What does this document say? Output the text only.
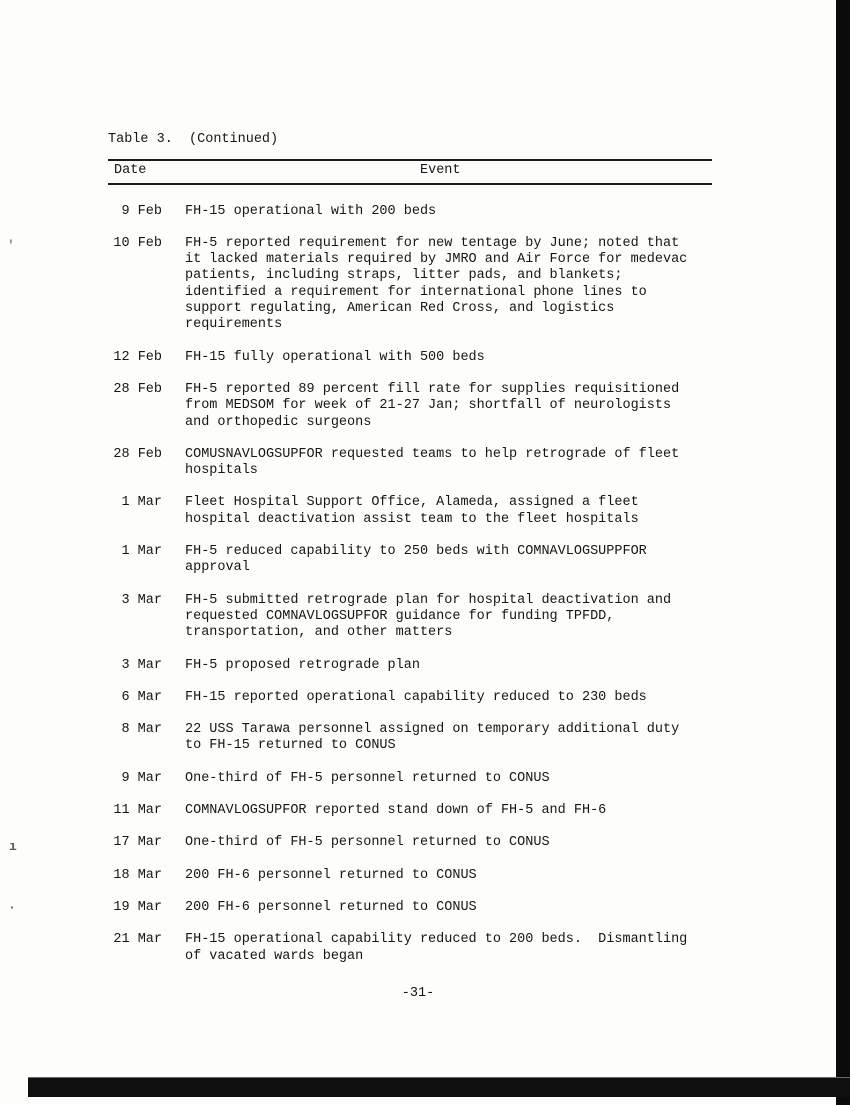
'
ı
·
Table 3.  (Continued)
Date	Event
9 Feb FH-15 operational with 200 beds
10 Feb FH-5 reported requirement for new tentage by June; noted that it lacked materials required by JMRO and Air Force for medevac patients, including straps, litter pads, and blankets; identified a requirement for international phone lines to support regulating, American Red Cross, and logistics requirements
12 Feb FH-15 fully operational with 500 beds
28 Feb FH-5 reported 89 percent fill rate for supplies requisitioned from MEDSOM for week of 21-27 Jan; shortfall of neurologists and orthopedic surgeons
28 Feb COMUSNAVLOGSUPFOR requested teams to help retrograde of fleet hospitals
1 Mar Fleet Hospital Support Office, Alameda, assigned a fleet hospital deactivation assist team to the fleet hospitals
1 Mar FH-5 reduced capability to 250 beds with COMNAVLOGSUPPFOR approval
3 Mar FH-5 submitted retrograde plan for hospital deactivation and requested COMNAVLOGSUPFOR guidance for funding TPFDD, transportation, and other matters
3 Mar FH-5 proposed retrograde plan
6 Mar FH-15 reported operational capability reduced to 230 beds
8 Mar 22 USS Tarawa personnel assigned on temporary additional duty to FH-15 returned to CONUS
9 Mar One-third of FH-5 personnel returned to CONUS
11 Mar COMNAVLOGSUPFOR reported stand down of FH-5 and FH-6
17 Mar One-third of FH-5 personnel returned to CONUS
18 Mar 200 FH-6 personnel returned to CONUS
19 Mar 200 FH-6 personnel returned to CONUS
21 Mar FH-15 operational capability reduced to 200 beds.  Dismantling of vacated wards began
-31-
